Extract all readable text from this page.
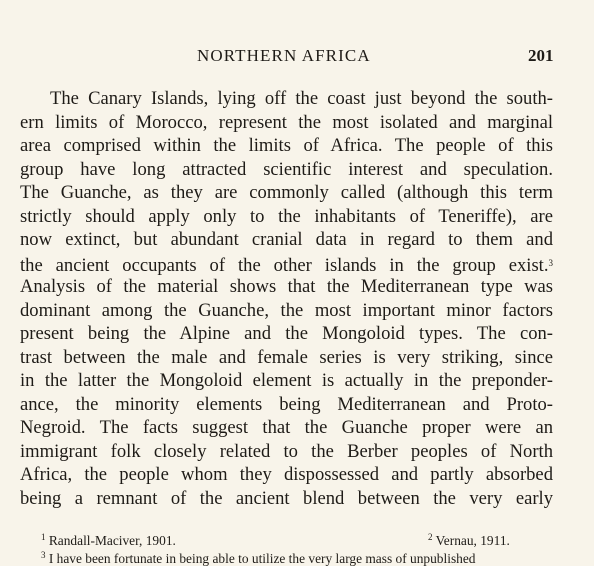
NORTHERN AFRICA	201
The Canary Islands, lying off the coast just beyond the south-
ern limits of Morocco, represent the most isolated and marginal
area comprised within the limits of Africa. The people of this
group have long attracted scientific interest and speculation.
The Guanche, as they are commonly called (although this term
strictly should apply only to the inhabitants of Teneriffe), are
now extinct, but abundant cranial data in regard to them and
the ancient occupants of the other islands in the group exist.$^3$
Analysis of the material shows that the Mediterranean type was
dominant among the Guanche, the most important minor factors
present being the Alpine and the Mongoloid types. The con-
trast between the male and female series is very striking, since
in the latter the Mongoloid element is actually in the preponder-
ance, the minority elements being Mediterranean and Proto-
Negroid. The facts suggest that the Guanche proper were an
immigrant folk closely related to the Berber peoples of North
Africa, the people whom they dispossessed and partly absorbed
being a remnant of the ancient blend between the very early
$^1$ Randall-Maciver, 1901.	$^2$ Vernau, 1911.
$^3$ I have been fortunate in being able to utilize the very large mass of unpublished
